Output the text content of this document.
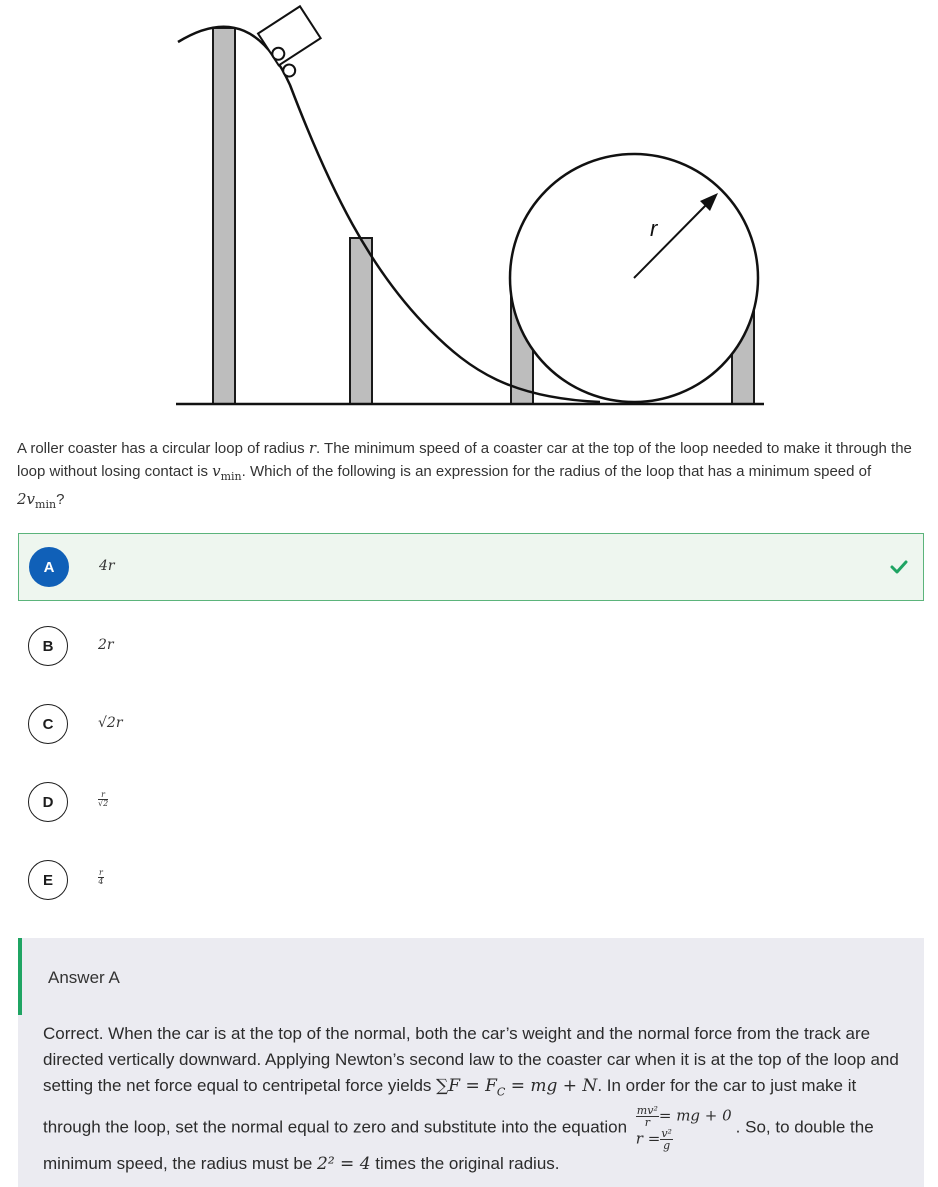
r
A roller coaster has a circular loop of radius r. The minimum speed of a coaster car at the top of the loop needed to make it through the loop without losing contact is $v_{min}$. Which of the following is an expression for the radius of the loop that has a minimum speed of
$2v_{min}$?
A	4r
B	2r
C	√2r
D	$\frac{r}{√2}$
E	$\frac{r}{4}$
Answer A
Correct. When the car is at the top of the normal, both the car’s weight and the normal force from the track are directed vertically downward. Applying Newton’s second law to the coaster car when it is at the top of the loop and setting the net force equal to centripetal force yields $\sum F = F_C$ = mg + N. In order for the car to just make it through the loop, set the normal equal to zero and substitute into the equation $\frac{\text{mv²}}{r}$ = mg + 0
$r = \frac{\text{v²}}{g}$
. So, to double the minimum speed, the radius must be 2² = 4 times the original radius.
